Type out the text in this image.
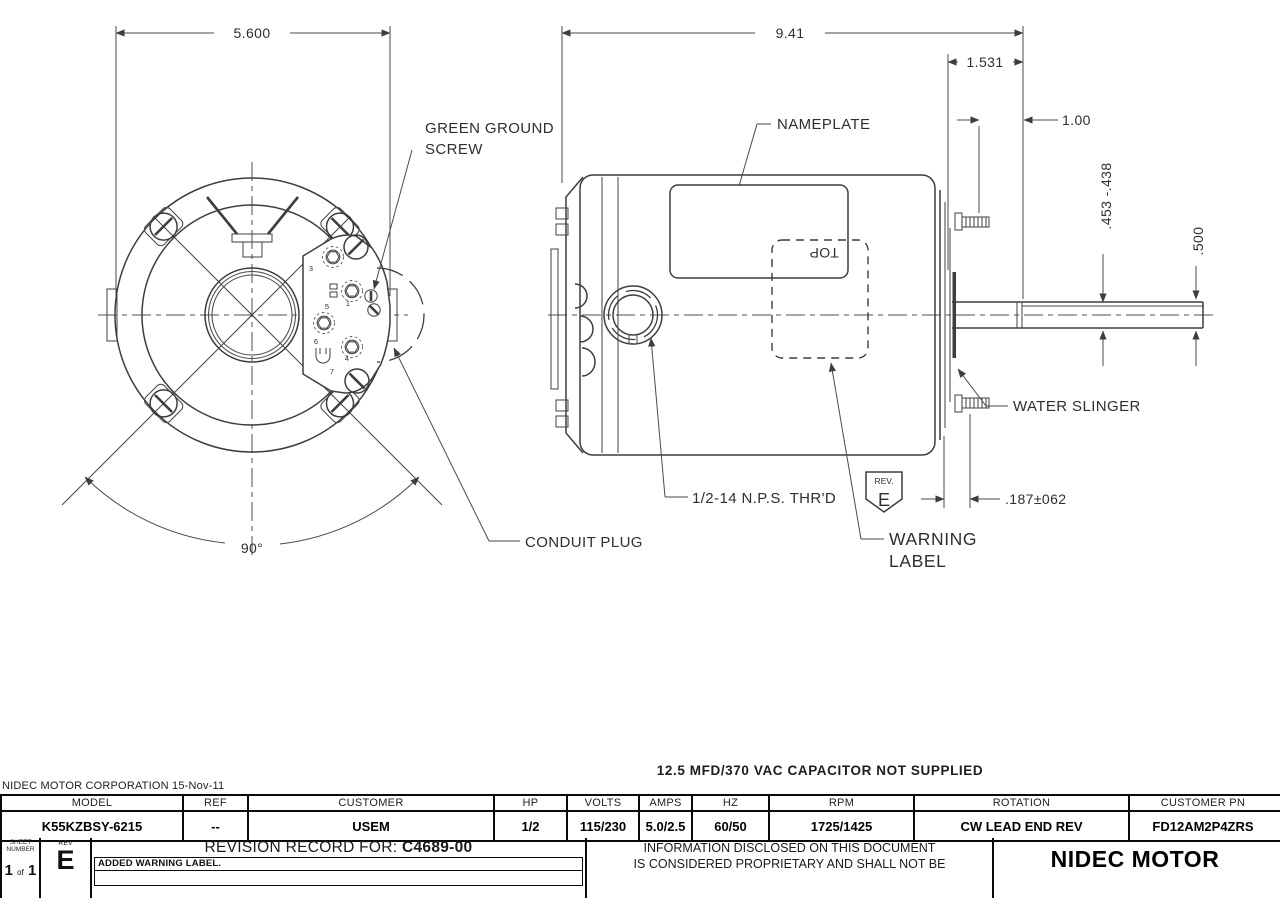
3
5 1
6
4
7
5.600
90°
GREEN GROUND
SCREW
CONDUIT PLUG
TOP
9.41
1.531
1.00
.453 -.438
.500
.187±062
NAMEPLATE
WATER SLINGER
1/2-14 N.P.S. THR'D
WARNING
LABEL
REV.
E
12.5 MFD/370 VAC CAPACITOR NOT SUPPLIED
NIDEC MOTOR CORPORATION 15-Nov-11
MODEL	REF	CUSTOMER	HP	VOLTS	AMPS	HZ	RPM	ROTATION	CUSTOMER PN
K55KZBSY-6215	--	USEM	1/2	115/230	5.0/2.5	60/50	1725/1425	CW LEAD END REV	FD12AM2P4ZRS
SHEET
NUMBER
1 of 1
REV
E	REVISION RECORD FOR: C4689-00
ADDED WARNING LABEL.
INFORMATION DISCLOSED ON THIS DOCUMENT
IS CONSIDERED PROPRIETARY AND SHALL NOT BE	NIDEC MOTOR
